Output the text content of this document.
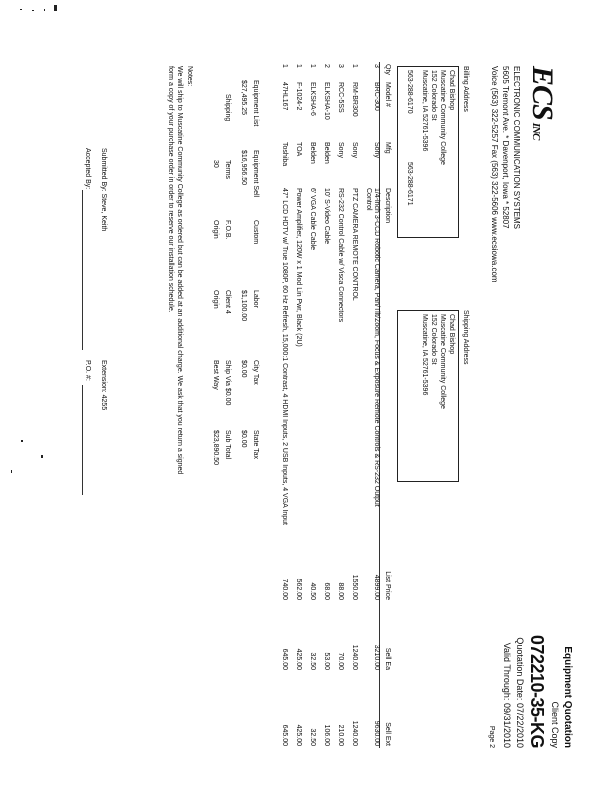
ECSINC
ELECTRONIC COMMUNICATION SYSTEMS
5605 Tremont Ave. * Davenport, Iowa * 52807
Voice (563) 322-5257 Fax (563) 322-5606 www.ecsiowa.com
Equipment Quotation
Client Copy
072210-35-KG
Quotation Date: 07/22/2010
Valid Through: 09/31/2010
Page 2
Billing Address
Chad Bishop
Muscatine Community College
152 Colorado St
Muscatine, IA 52761-5396
563-288-6170
563-288-6171
Shipping Address
Chad Bishop
Muscatine Community College
152 Colorado St
Muscatine, IA 52761-5396
Qty	Model #	Mfg	Description	List Price	Sell Ea	Sell Ext
3	BRC-300	Sony	1/4-inch 3-CCD Robotic Camera, Pan/Tilt/Zoom, Focus & Exposure Remote Controls & RS-232 Output Control	4899.00	3210.00	9630.00
1	RM-BR300	Sony	PTZ CAMERA REMOTE CONTROL	1550.00	1240.00	1240.00
3	RCC-5SS	Sony	RS-232 Control Cable w/ Visca Connectors	88.00	70.00	210.00
2	ELKSHA-10	Belden	10' S-Video Cable	68.00	53.00	106.00
1	ELKSHA-6	Belden	6' VGA Cable Cable	40.50	32.50	32.50
1	F-1024-2	TOA	Power Amplifier, 120W x 1 Mod Lin Pwr, Black (2U)	562.00	425.00	425.00
1	47HL167	Toshiba	47" LCD HDTV w/ True 1080P, 60 Hz Refresh, 15,000:1 Contrast, 4 HDMI Inputs, 2 USB Inputs, 4 VGA Input	740.00	645.00	645.00
Equipment List
$27,495.25
Equipment Sell
$16,956.50
Custom
Labor
$1,100.00
City Tax
$0.00
State Tax
$0.00
Shipping
Terms
30
F.O.B.
Origin
Client 4
Origin
Ship Via $0.00
Best Way
Sub Total
$23,890.50
Notes:
We will ship to Muscatine Community College as ordered but can be added at an additional charge. We ask that you return a signed
form a copy of your purchase order in order to reserve our installation schedule.
Submitted By: Steve, Keith
Extension: 4255
Accepted By:
P.O. #:
